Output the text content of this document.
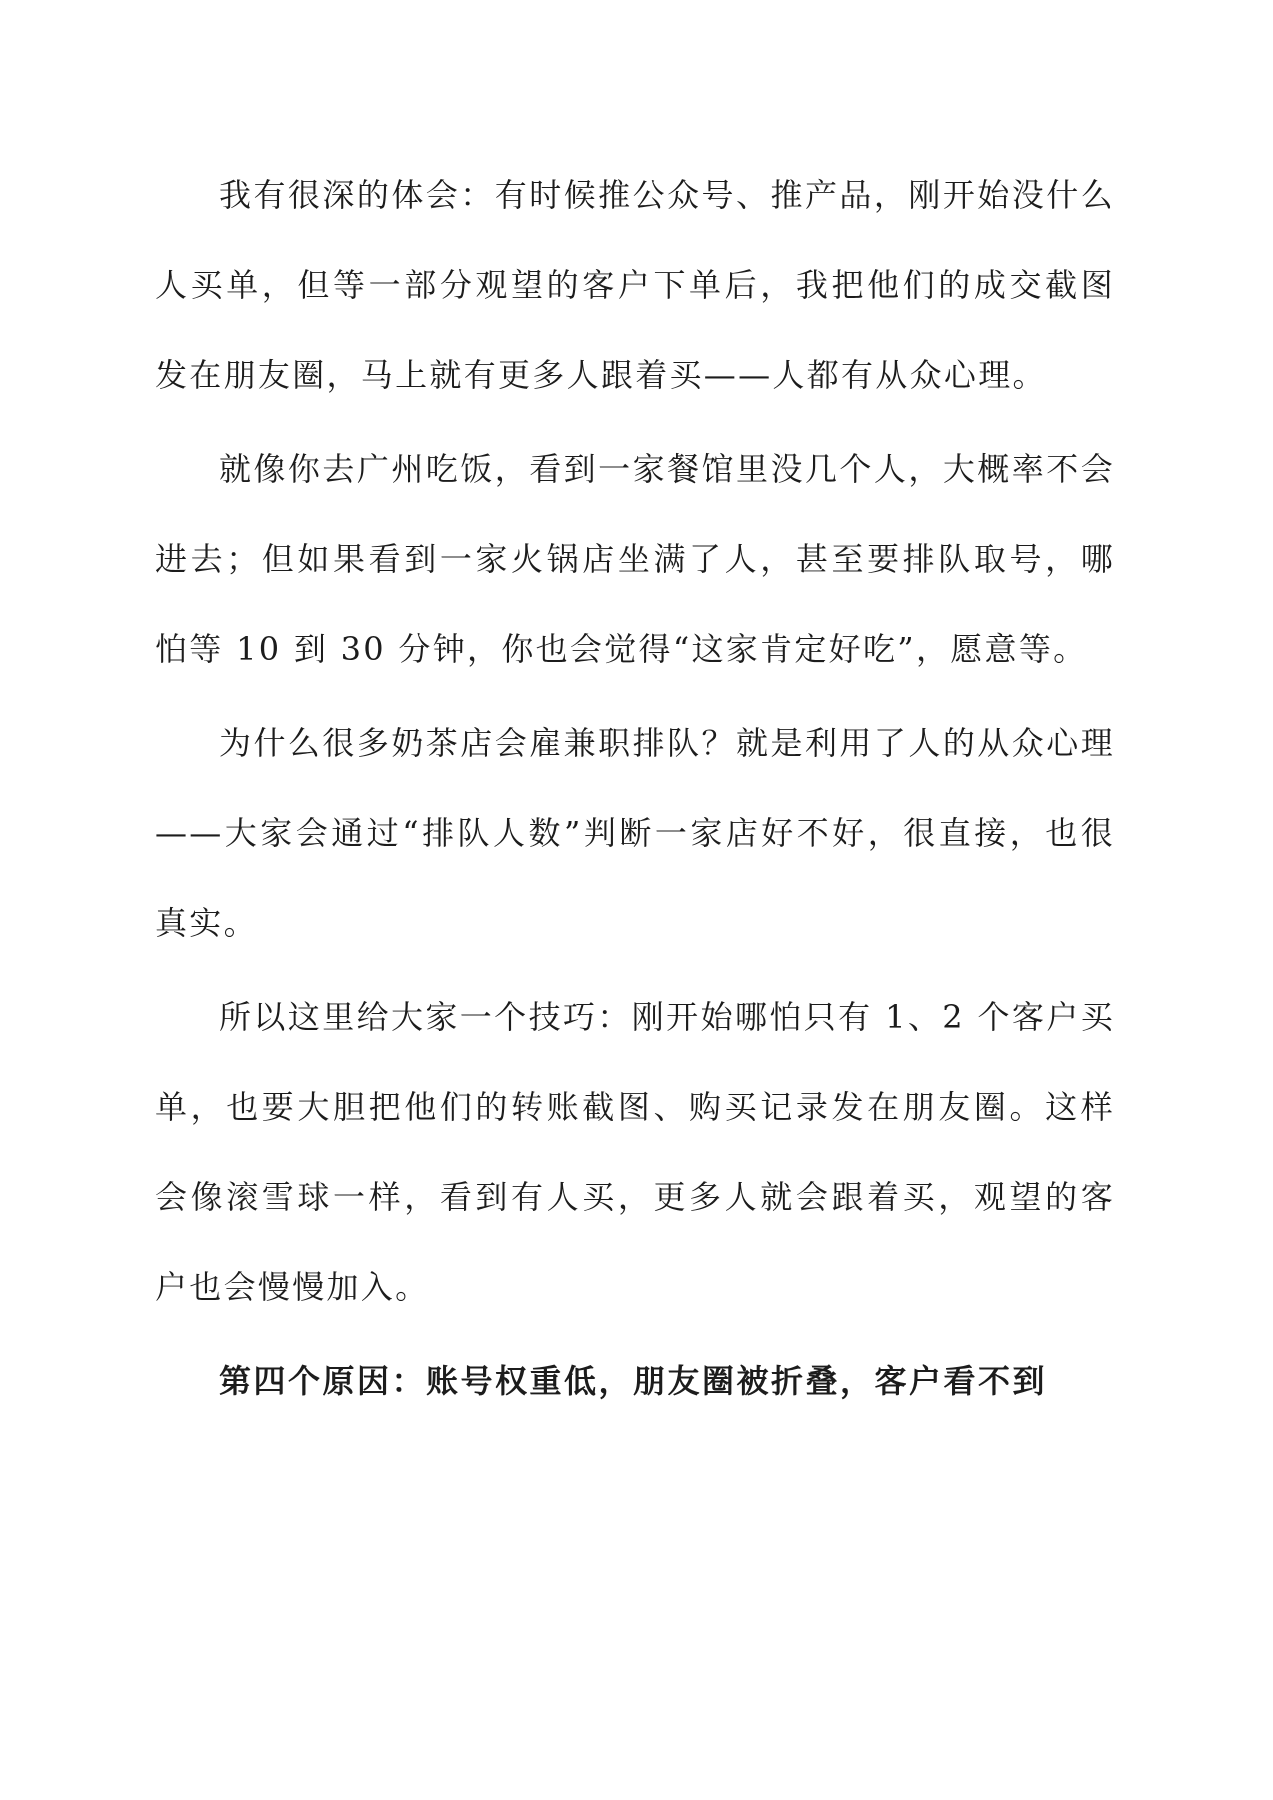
我有很深的体会：有时候推公众号、推产品，刚开始没什么人买单，但等一部分观望的客户下单后，我把他们的成交截图发在朋友圈，马上就有更多人跟着买——人都有从众心理。

就像你去广州吃饭，看到一家餐馆里没几个人，大概率不会进去；但如果看到一家火锅店坐满了人，甚至要排队取号，哪怕等 10 到 30 分钟，你也会觉得“这家肯定好吃”，愿意等。

为什么很多奶茶店会雇兼职排队？就是利用了人的从众心理——大家会通过“排队人数”判断一家店好不好，很直接，也很真实。

所以这里给大家一个技巧：刚开始哪怕只有 1、2 个客户买单，也要大胆把他们的转账截图、购买记录发在朋友圈。这样会像滚雪球一样，看到有人买，更多人就会跟着买，观望的客户也会慢慢加入。

第四个原因：账号权重低，朋友圈被折叠，客户看不到
